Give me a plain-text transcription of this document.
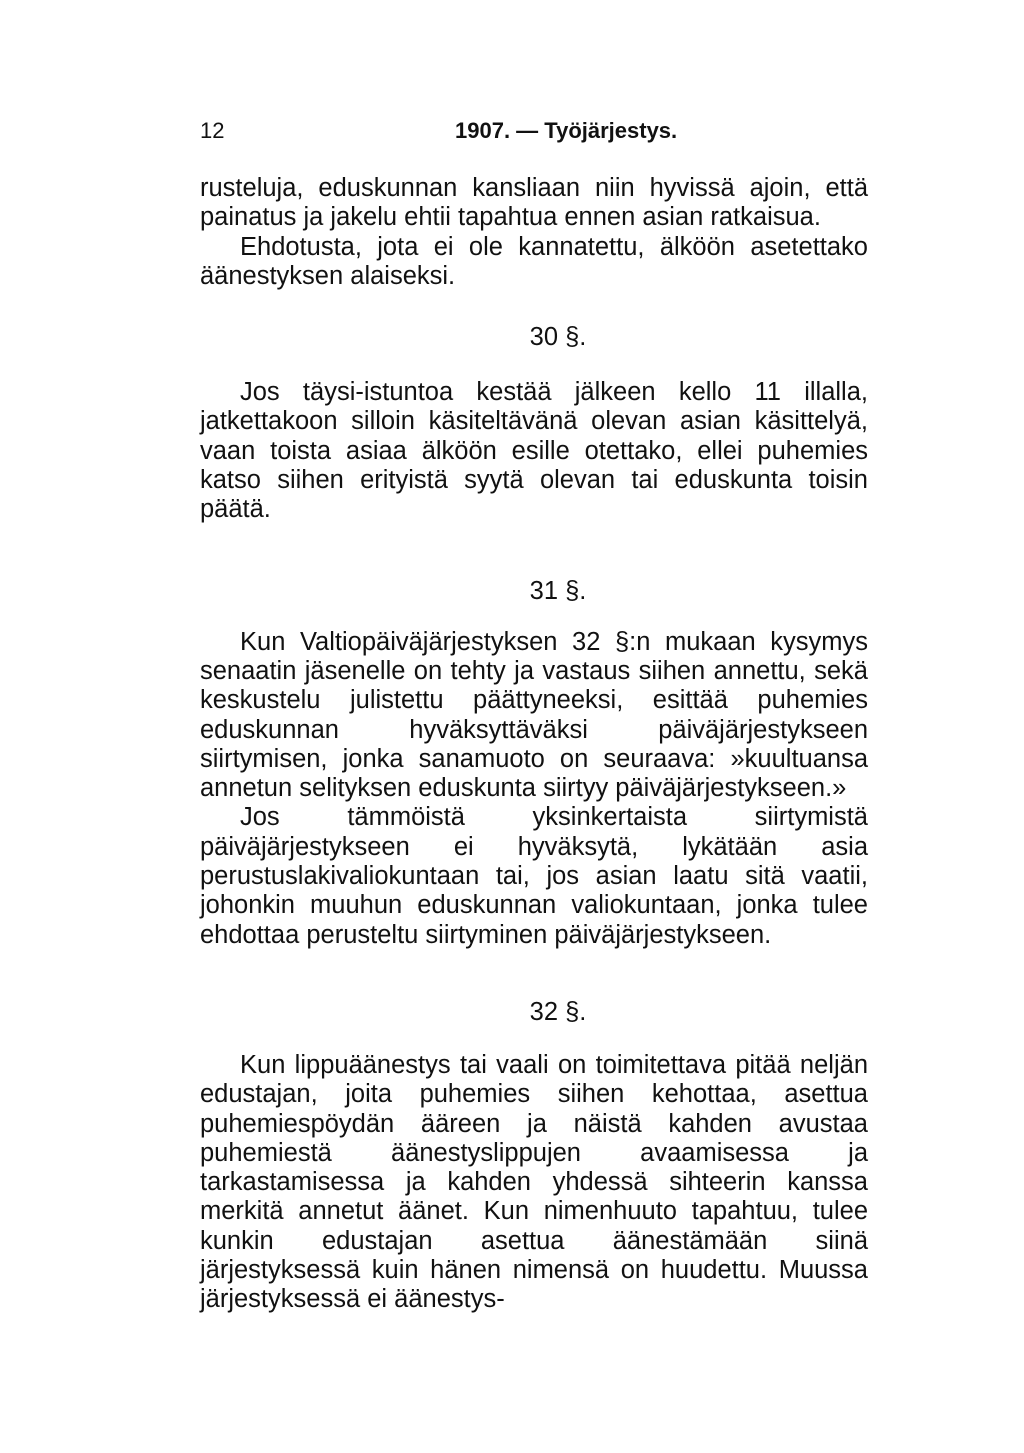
12	1907. — Työjärjestys.

rusteluja, eduskunnan kansliaan niin hyvissä ajoin, että painatus ja jakelu ehtii tapahtua ennen asian ratkaisua.

Ehdotusta, jota ei ole kannatettu, älköön asetettako äänestyksen alaiseksi.

30 §.

Jos täysi-istuntoa kestää jälkeen kello 11 illalla, jatkettakoon silloin käsiteltävänä olevan asian käsittelyä, vaan toista asiaa älköön esille otettako, ellei puhemies katso siihen erityistä syytä olevan tai eduskunta toisin päätä.

31 §.

Kun Valtiopäiväjärjestyksen 32 §:n mukaan kysymys senaatin jäsenelle on tehty ja vastaus siihen annettu, sekä keskustelu julistettu päättyneeksi, esittää puhemies eduskunnan hyväksyttäväksi päiväjärjestykseen siirtymisen, jonka sanamuoto on seuraava: »kuultuansa annetun selityksen eduskunta siirtyy päiväjärjestykseen.»

Jos tämmöistä yksinkertaista siirtymistä päiväjärjestykseen ei hyväksytä, lykätään asia perustuslakivaliokuntaan tai, jos asian laatu sitä vaatii, johonkin muuhun eduskunnan valiokuntaan, jonka tulee ehdottaa perusteltu siirtyminen päiväjärjestykseen.

32 §.

Kun lippuäänestys tai vaali on toimitettava pitää neljän edustajan, joita puhemies siihen kehottaa, asettua puhemiespöydän ääreen ja näistä kahden avustaa puhemiestä äänestyslippujen avaamisessa ja tarkastamisessa ja kahden yhdessä sihteerin kanssa merkitä annetut äänet. Kun nimenhuuto tapahtuu, tulee kunkin edustajan asettua äänestämään siinä järjestyksessä kuin hänen nimensä on huudettu. Muussa järjestyksessä ei äänestys-
